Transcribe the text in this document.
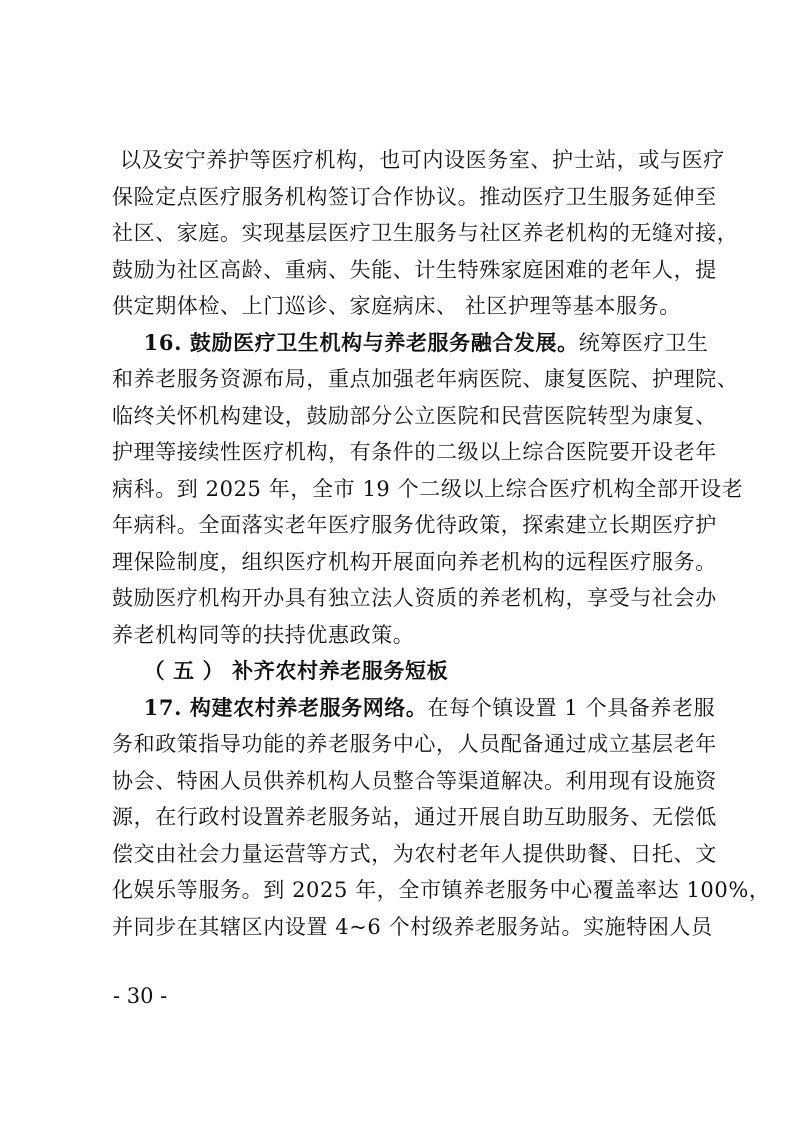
以及安宁养护等医疗机构，也可内设医务室、护士站，或与医疗
保险定点医疗服务机构签订合作协议。推动医疗卫生服务延伸至
社区、家庭。实现基层医疗卫生服务与社区养老机构的无缝对接，
鼓励为社区高龄、重病、失能、计生特殊家庭困难的老年人，提
供定期体检、上门巡诊、家庭病床、 社区护理等基本服务。
16. 鼓励医疗卫生机构与养老服务融合发展。统筹医疗卫生
和养老服务资源布局，重点加强老年病医院、康复医院、护理院、
临终关怀机构建设，鼓励部分公立医院和民营医院转型为康复、
护理等接续性医疗机构，有条件的二级以上综合医院要开设老年
病科。到 2025 年，全市 19 个二级以上综合医疗机构全部开设老
年病科。全面落实老年医疗服务优待政策，探索建立长期医疗护
理保险制度，组织医疗机构开展面向养老机构的远程医疗服务。
鼓励医疗机构开办具有独立法人资质的养老机构，享受与社会办
养老机构同等的扶持优惠政策。
（ 五 ） 补齐农村养老服务短板
17. 构建农村养老服务网络。在每个镇设置 1 个具备养老服
务和政策指导功能的养老服务中心，人员配备通过成立基层老年
协会、特困人员供养机构人员整合等渠道解决。利用现有设施资
源，在行政村设置养老服务站，通过开展自助互助服务、无偿低
偿交由社会力量运营等方式，为农村老年人提供助餐、日托、文
化娱乐等服务。到 2025 年，全市镇养老服务中心覆盖率达 100%，
并同步在其辖区内设置 4~6 个村级养老服务站。实施特困人员
- 30 -
